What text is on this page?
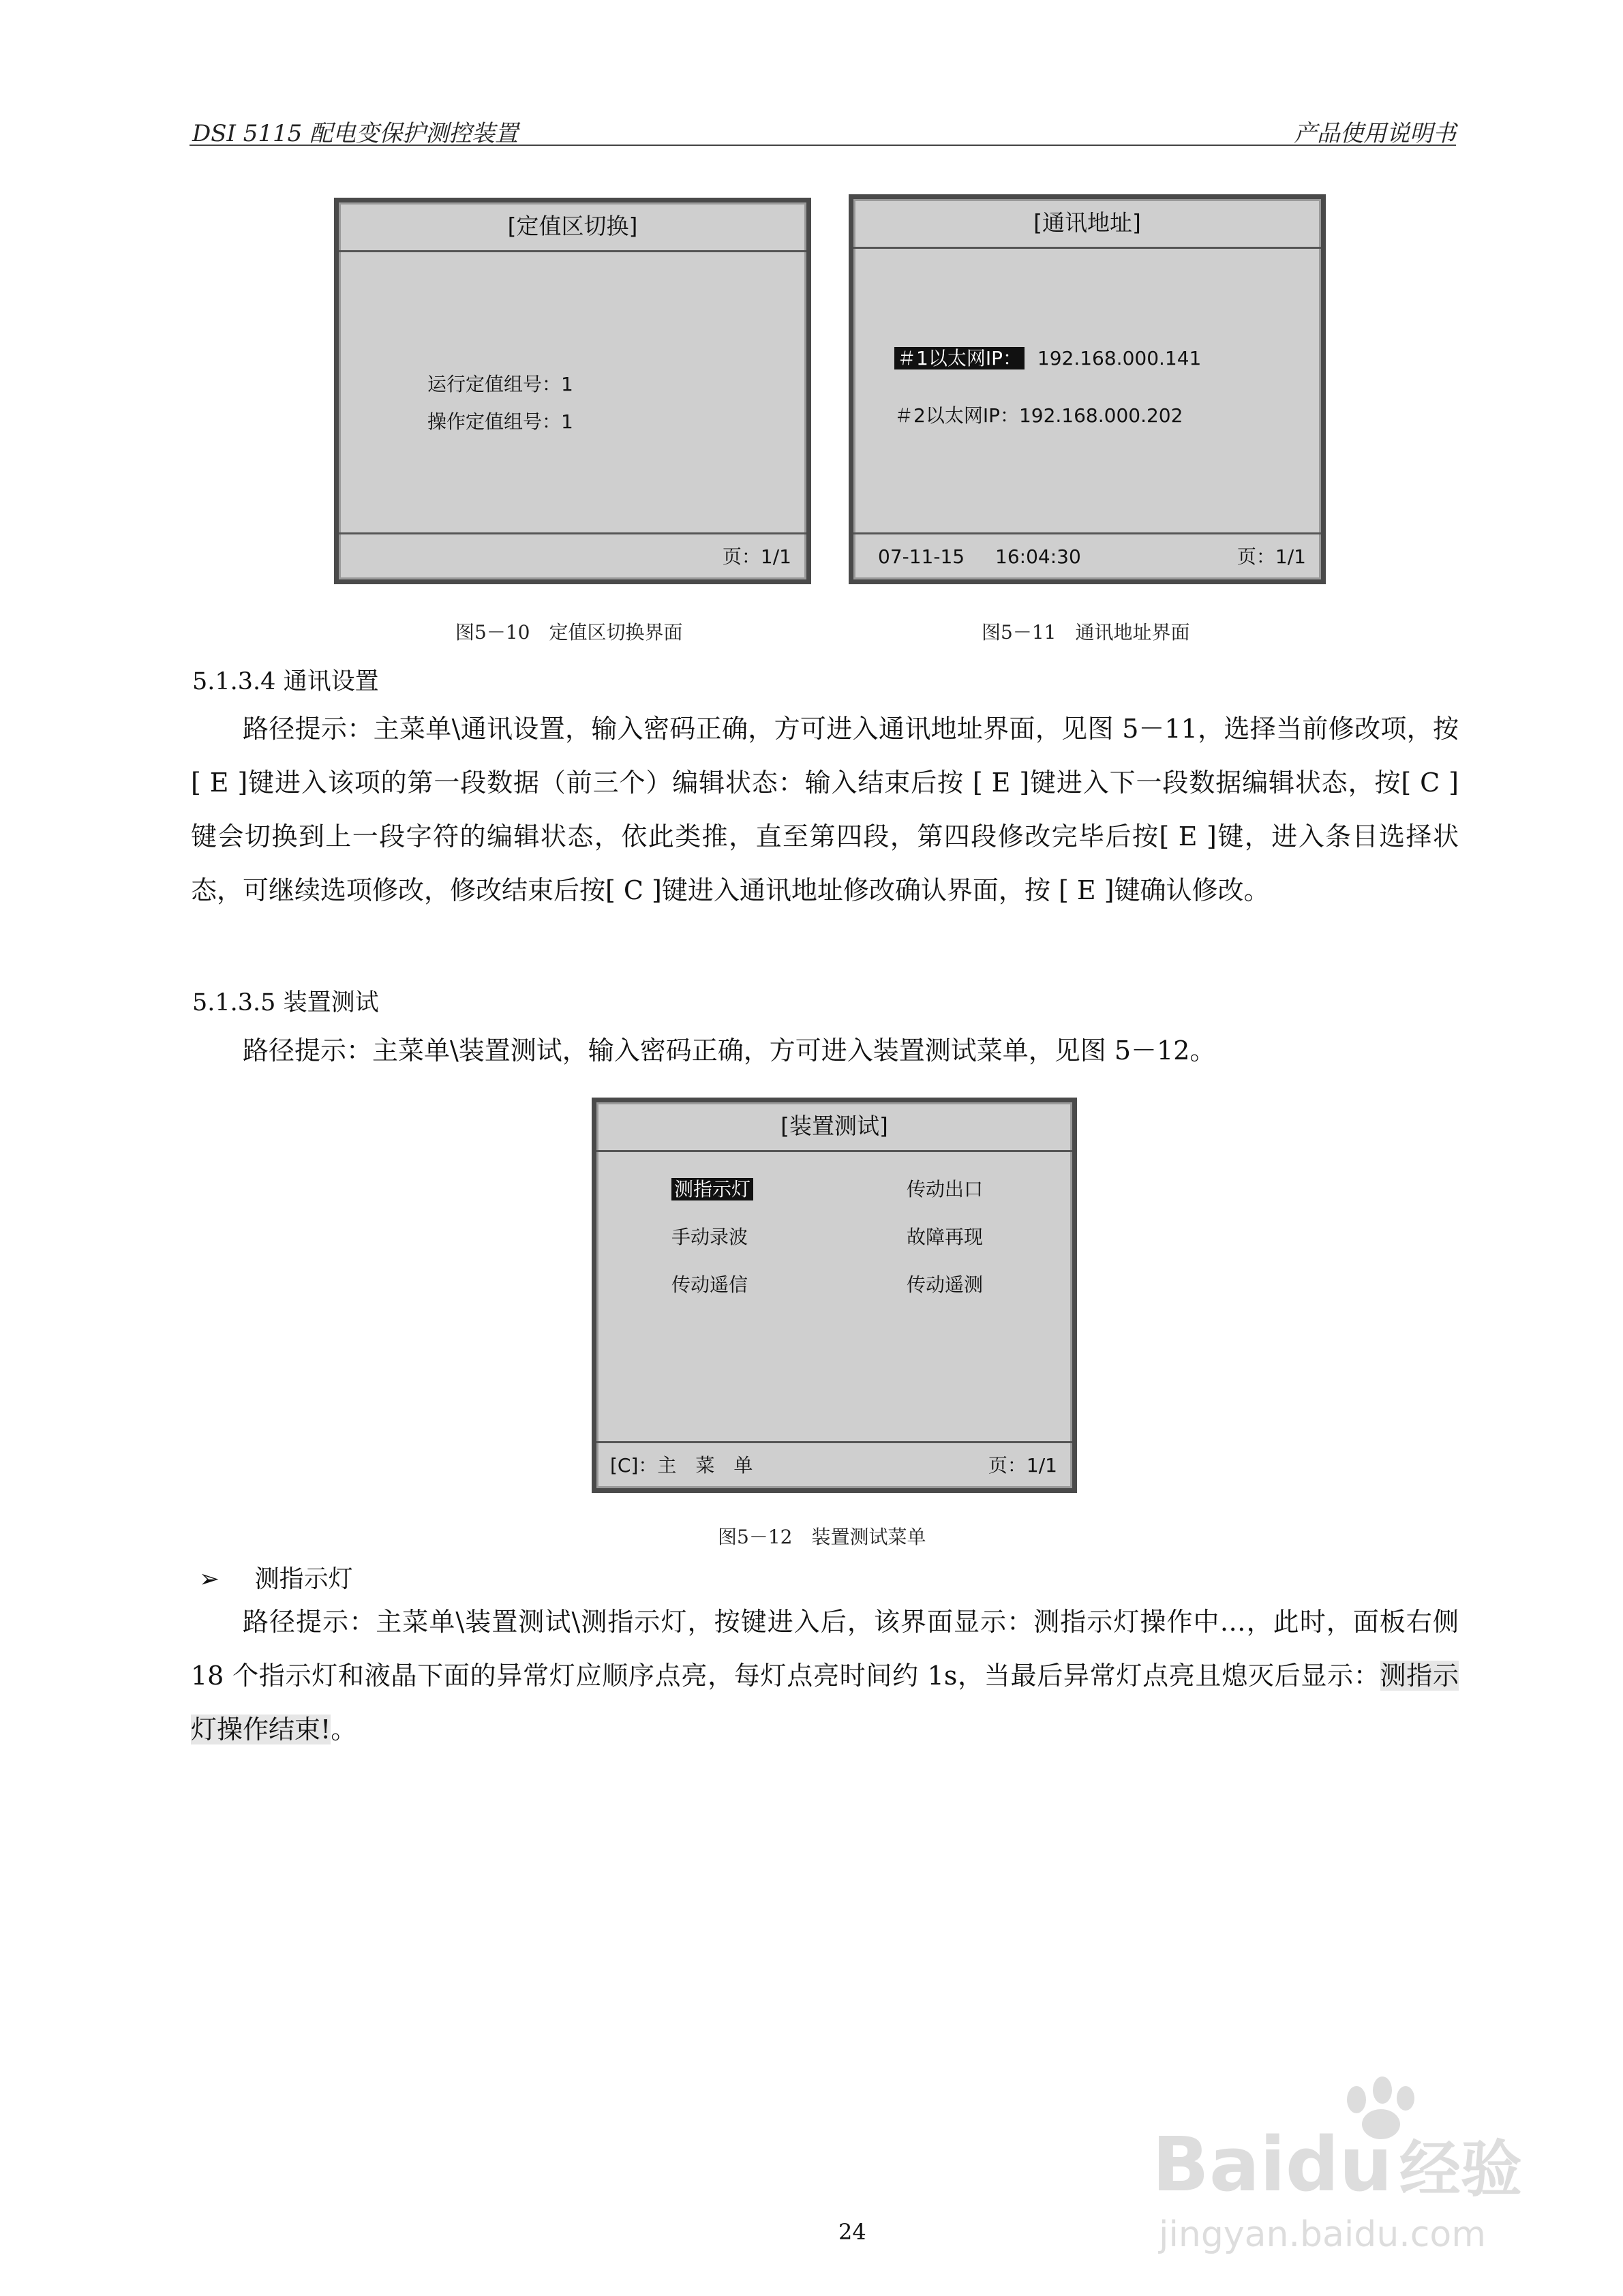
DSI 5115 配电变保护测控装置	产品使用说明书
[定值区切换]
运行定值组号：1
操作定值组号：1
页：1/1
图5－10　定值区切换界面
[通讯地址]
＃1以太网IP： 192.168.000.141
＃2以太网IP：192.168.000.202
07-11-15 16:04:30	页：1/1
图5－11　通讯地址界面
5.1.3.4 通讯设置

路径提示：主菜单\通讯设置，输入密码正确，方可进入通讯地址界面，见图 5－11，选择当前修改项，按[ E ]键进入该项的第一段数据（前三个）编辑状态：输入结束后按 [ E ]键进入下一段数据编辑状态，按[ C ] 键会切换到上一段字符的编辑状态，依此类推，直至第四段，第四段修改完毕后按[ E ]键，进入条目选择状态，可继续选项修改，修改结束后按[ C ]键进入通讯地址修改确认界面，按 [ E ]键确认修改。

5.1.3.5 装置测试

路径提示：主菜单\装置测试，输入密码正确，方可进入装置测试菜单，见图 5－12。

[装置测试]
测指示灯	传动出口
手动录波	故障再现
传动遥信	传动遥测
[C]：主　菜　单	页：1/1
图5－12　装置测试菜单
➢ 测指示灯

路径提示：主菜单\装置测试\测指示灯，按键进入后，该界面显示：测指示灯操作中…，此时，面板右侧 18 个指示灯和液晶下面的异常灯应顺序点亮，每灯点亮时间约 1s，当最后异常灯点亮且熄灭后显示：测指示灯操作结束!。

24
Baidu 经验
jingyan.baidu.com
